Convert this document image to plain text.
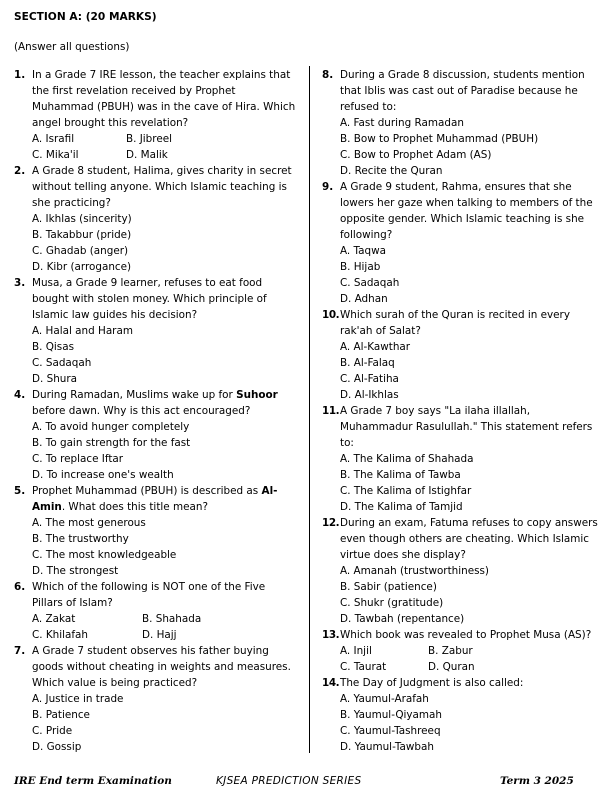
SECTION A: (20 MARKS)
(Answer all questions)
1. In a Grade 7 IRE lesson, the teacher explains that the first revelation received by Prophet Muhammad (PBUH) was in the cave of Hira. Which angel brought this revelation?
A. Israfil	B. Jibreel
C. Mika'il	D. Malik
2. A Grade 8 student, Halima, gives charity in secret without telling anyone. Which Islamic teaching is she practicing?
A. Ikhlas (sincerity)
B. Takabbur (pride)
C. Ghadab (anger)
D. Kibr (arrogance)
3. Musa, a Grade 9 learner, refuses to eat food bought with stolen money. Which principle of Islamic law guides his decision?
A. Halal and Haram
B. Qisas
C. Sadaqah
D. Shura
4. During Ramadan, Muslims wake up for Suhoor before dawn. Why is this act encouraged?
A. To avoid hunger completely
B. To gain strength for the fast
C. To replace Iftar
D. To increase one's wealth
5. Prophet Muhammad (PBUH) is described as Al-Amin. What does this title mean?
A. The most generous
B. The trustworthy
C. The most knowledgeable
D. The strongest
6. Which of the following is NOT one of the Five Pillars of Islam?
A. Zakat	B. Shahada
C. Khilafah	D. Hajj
7. A Grade 7 student observes his father buying goods without cheating in weights and measures. Which value is being practiced?
A. Justice in trade
B. Patience
C. Pride
D. Gossip
8. During a Grade 8 discussion, students mention that Iblis was cast out of Paradise because he refused to:
A. Fast during Ramadan
B. Bow to Prophet Muhammad (PBUH)
C. Bow to Prophet Adam (AS)
D. Recite the Quran
9. A Grade 9 student, Rahma, ensures that she lowers her gaze when talking to members of the opposite gender. Which Islamic teaching is she following?
A. Taqwa
B. Hijab
C. Sadaqah
D. Adhan
10. Which surah of the Quran is recited in every rak'ah of Salat?
A. Al-Kawthar
B. Al-Falaq
C. Al-Fatiha
D. Al-Ikhlas
11. A Grade 7 boy says "La ilaha illallah, Muhammadur Rasulullah." This statement refers to:
A. The Kalima of Shahada
B. The Kalima of Tawba
C. The Kalima of Istighfar
D. The Kalima of Tamjid
12. During an exam, Fatuma refuses to copy answers even though others are cheating. Which Islamic virtue does she display?
A. Amanah (trustworthiness)
B. Sabir (patience)
C. Shukr (gratitude)
D. Tawbah (repentance)
13. Which book was revealed to Prophet Musa (AS)?
A. Injil	B. Zabur
C. Taurat	D. Quran
14. The Day of Judgment is also called:
A. Yaumul-Arafah
B. Yaumul-Qiyamah
C. Yaumul-Tashreeq
D. Yaumul-Tawbah
IRE End term Examination	KJSEA PREDICTION SERIES	Term 3 2025
